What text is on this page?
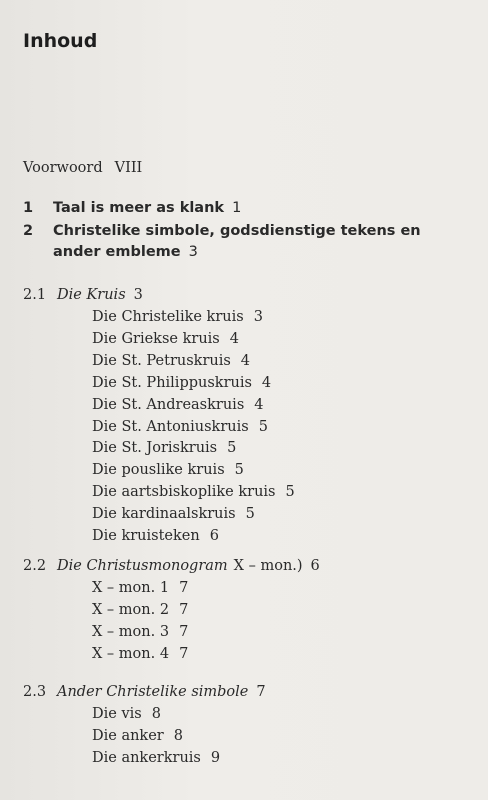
Inhoud
Voorwoord VIII
1 Taal is meer as klank 1
2 Christelike simbole, godsdienstige tekens en
ander embleme 3
2.1 Die Kruis 3
Die Christelike kruis 3
Die Griekse kruis 4
Die St. Petruskruis 4
Die St. Philippuskruis 4
Die St. Andreaskruis 4
Die St. Antoniuskruis 5
Die St. Joriskruis 5
Die pouslike kruis 5
Die aartsbiskoplike kruis 5
Die kardinaalskruis 5
Die kruisteken 6
2.2 Die Christusmonogram X – mon.) 6
X – mon. 1 7
X – mon. 2 7
X – mon. 3 7
X – mon. 4 7
2.3 Ander Christelike simbole 7
Die vis 8
Die anker 8
Die ankerkruis 9
